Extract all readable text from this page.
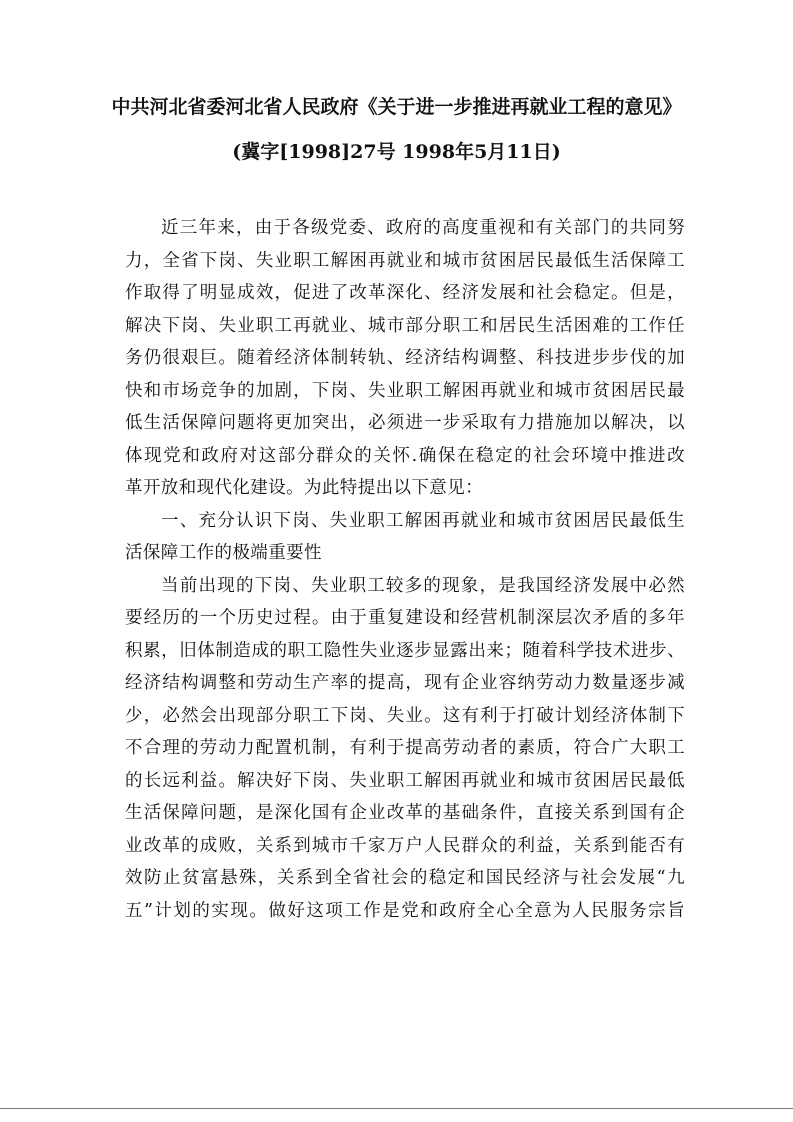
中共河北省委河北省人民政府《关于进一步推进再就业工程的意见》
(冀字[1998]27号 1998年5月11日)
近三年来，由于各级党委、政府的高度重视和有关部门的共同努
力，全省下岗、失业职工解困再就业和城市贫困居民最低生活保障工
作取得了明显成效，促进了改革深化、经济发展和社会稳定。但是，
解决下岗、失业职工再就业、城市部分职工和居民生活困难的工作任
务仍很艰巨。随着经济体制转轨、经济结构调整、科技进步步伐的加
快和市场竞争的加剧，下岗、失业职工解困再就业和城市贫困居民最
低生活保障问题将更加突出，必须进一步采取有力措施加以解决，以
体现党和政府对这部分群众的关怀.确保在稳定的社会环境中推进改
革开放和现代化建设。为此特提出以下意见：
一、充分认识下岗、失业职工解困再就业和城市贫困居民最低生
活保障工作的极端重要性
当前出现的下岗、失业职工较多的现象，是我国经济发展中必然
要经历的一个历史过程。由于重复建设和经营机制深层次矛盾的多年
积累，旧体制造成的职工隐性失业逐步显露出来；随着科学技术进步、
经济结构调整和劳动生产率的提高，现有企业容纳劳动力数量逐步减
少，必然会出现部分职工下岗、失业。这有利于打破计划经济体制下
不合理的劳动力配置机制，有利于提高劳动者的素质，符合广大职工
的长远利益。解决好下岗、失业职工解困再就业和城市贫困居民最低
生活保障问题，是深化国有企业改革的基础条件，直接关系到国有企
业改革的成败，关系到城市千家万户人民群众的利益，关系到能否有
效防止贫富悬殊，关系到全省社会的稳定和国民经济与社会发展“九
五”计划的实现。做好这项工作是党和政府全心全意为人民服务宗旨
